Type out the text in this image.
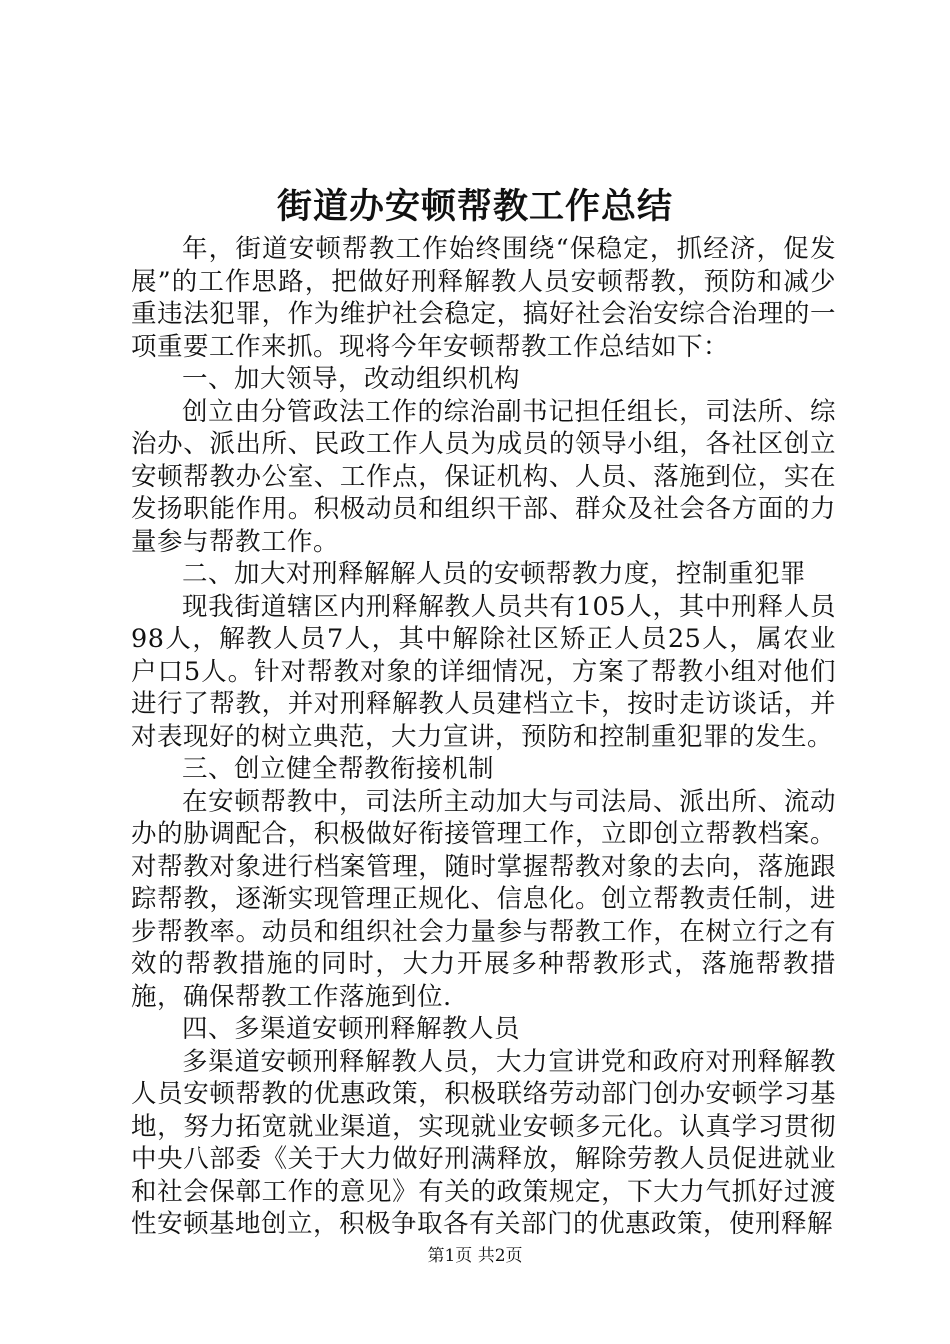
街道办安顿帮教工作总结

年，街道安顿帮教工作始终围绕“保稳定，抓经济，促发展”的工作思路，把做好刑释解教人员安顿帮教，预防和减少重违法犯罪，作为维护社会稳定，搞好社会治安综合治理的一项重要工作来抓。现将今年安顿帮教工作总结如下：

一、加大领导，改动组织机构

创立由分管政法工作的综治副书记担任组长，司法所、综治办、派出所、民政工作人员为成员的领导小组，各社区创立安顿帮教办公室、工作点，保证机构、人员、落施到位，实在发扬职能作用。积极动员和组织干部、群众及社会各方面的力量参与帮教工作。

二、加大对刑释解解人员的安顿帮教力度，控制重犯罪

现我街道辖区内刑释解教人员共有105人，其中刑释人员98人，解教人员7人，其中解除社区矫正人员25人，属农业户口5人。针对帮教对象的详细情况，方案了帮教小组对他们进行了帮教，并对刑释解教人员建档立卡，按时走访谈话，并对表现好的树立典范，大力宣讲，预防和控制重犯罪的发生。

三、创立健全帮教衔接机制

在安顿帮教中，司法所主动加大与司法局、派出所、流动办的胁调配合，积极做好衔接管理工作，立即创立帮教档案。对帮教对象进行档案管理，随时掌握帮教对象的去向，落施跟踪帮教，逐渐实现管理正规化、信息化。创立帮教责任制，进步帮教率。动员和组织社会力量参与帮教工作，在树立行之有效的帮教措施的同时，大力开展多种帮教形式，落施帮教措施，确保帮教工作落施到位.

四、多渠道安顿刑释解教人员

多渠道安顿刑释解教人员，大力宣讲党和政府对刑释解教人员安顿帮教的优惠政策，积极联络劳动部门创办安顿学习基地，努力拓宽就业渠道，实现就业安顿多元化。认真学习贯彻中央八部委《关于大力做好刑满释放，解除劳教人员促进就业和社会保鄣工作的意见》有关的政策规定，下大力气抓好过渡性安顿基地创立，积极争取各有关部门的优惠政策，使刑释解

第1页 共2页
